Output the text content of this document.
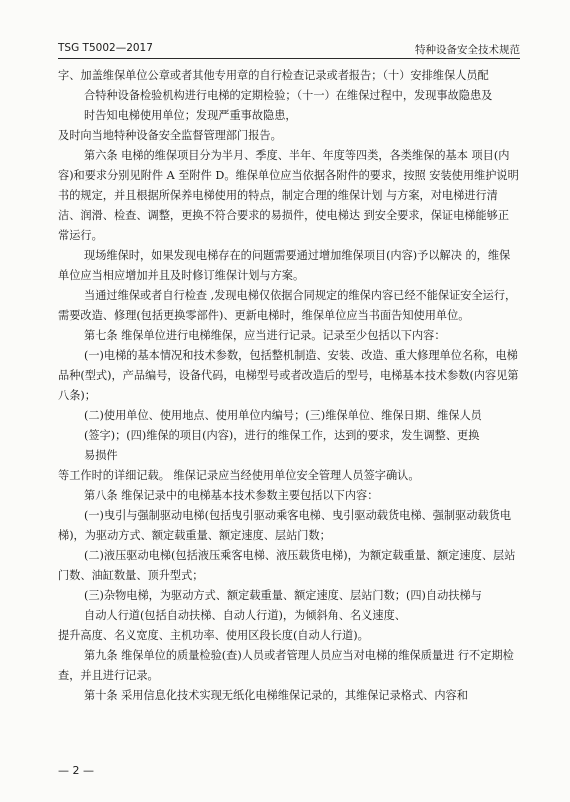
TSG T5002—2017	特种设备安全技术规范

字、加盖维保单位公章或者其他专用章的自行检查记录或者报告；（十）安排维保人员配

合特种设备检验机构进行电梯的定期检验；（十一）在维保过程中，发现事故隐患及

时告知电梯使用单位；发现严重事故隐患，

及时向当地特种设备安全监督管理部门报告。

第六条 电梯的维保项目分为半月、季度、半年、年度等四类，各类维保的基本 项目(内容)和要求分别见附件 A 至附件 D。维保单位应当依据各附件的要求，按照 安装使用维护说明书的规定，并且根据所保养电梯使用的特点，制定合理的维保计划 与方案，对电梯进行清洁、润滑、检查、调整，更换不符合要求的易损件，使电梯达 到安全要求，保证电梯能够正常运行。

现场维保时，如果发现电梯存在的问题需要通过增加维保项目(内容)予以解决 的，维保单位应当相应增加并且及时修订维保计划与方案。

当通过维保或者自行检查 ,发现电梯仅依据合同规定的维保内容已经不能保证安全运行，需要改造、修理(包括更换零部件)、更新电梯时，维保单位应当书面告知使用单位。

第七条 维保单位进行电梯维保，应当进行记录。记录至少包括以下内容：

(一)电梯的基本情况和技术参数，包括整机制造、安装、改造、重大修理单位名称，电梯品种(型式)，产品编号，设备代码，电梯型号或者改造后的型号，电梯基本技术参数(内容见第八条)；

(二)使用单位、使用地点、使用单位内编号；(三)维保单位、维保日期、维保人员

(签字)；(四)维保的项目(内容)，进行的维保工作，达到的要求，发生调整、更换

易损件

等工作时的详细记载。 维保记录应当经使用单位安全管理人员签字确认。

第八条 维保记录中的电梯基本技术参数主要包括以下内容：

(一)曳引与强制驱动电梯(包括曳引驱动乘客电梯、曳引驱动载货电梯、强制驱动载货电梯)，为驱动方式、额定载重量、额定速度、层站门数；

(二)液压驱动电梯(包括液压乘客电梯、液压载货电梯)，为额定载重量、额定速度、层站门数、油缸数量、顶升型式；

(三)杂物电梯，为驱动方式、额定载重量、额定速度、层站门数；(四)自动扶梯与

自动人行道(包括自动扶梯、自动人行道)，为倾斜角、名义速度、

提升高度、名义宽度、主机功率、使用区段长度(自动人行道)。

第九条 维保单位的质量检验(查)人员或者管理人员应当对电梯的维保质量进 行不定期检查，并且进行记录。

第十条 采用信息化技术实现无纸化电梯维保记录的，其维保记录格式、内容和

— 2 —
